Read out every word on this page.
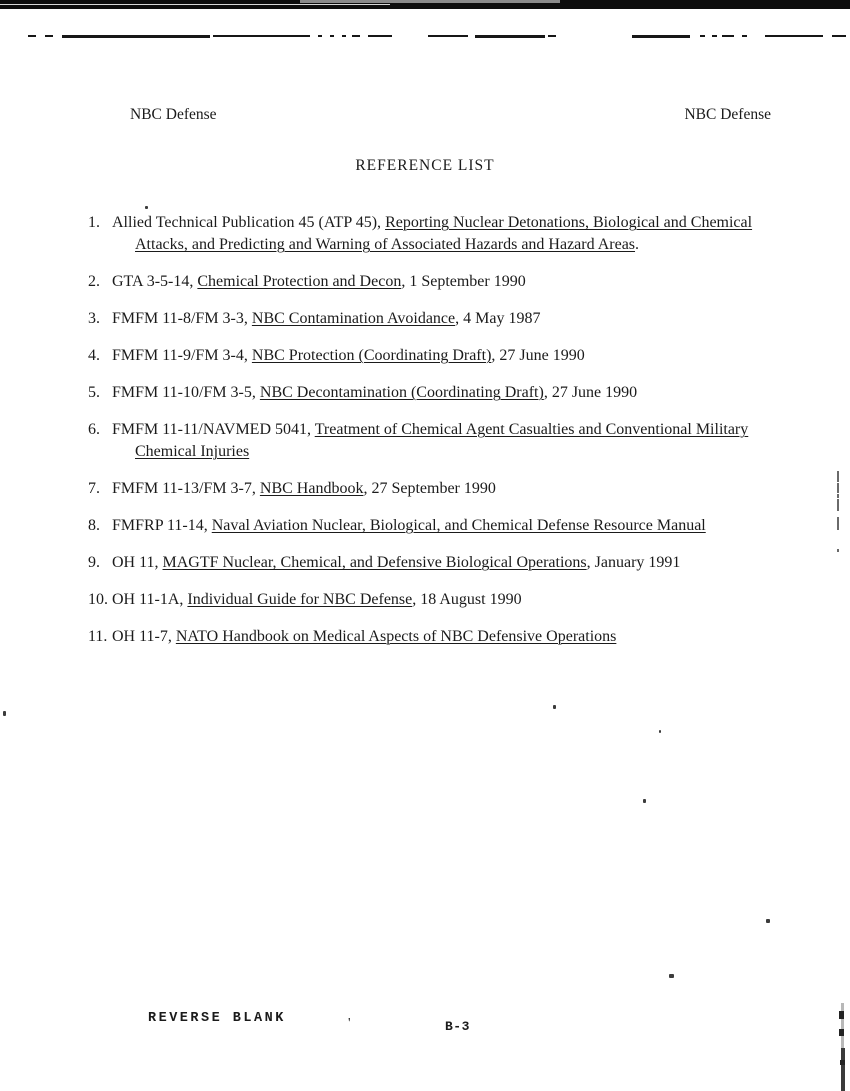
NBC Defense	NBC Defense
REFERENCE LIST
1. Allied Technical Publication 45 (ATP 45), Reporting Nuclear Detonations, Biological and Chemical
Attacks, and Predicting and Warning of Associated Hazards and Hazard Areas.
2. GTA 3-5-14, Chemical Protection and Decon, 1 September 1990
3. FMFM 11-8/FM 3-3, NBC Contamination Avoidance, 4 May 1987
4. FMFM 11-9/FM 3-4, NBC Protection (Coordinating Draft), 27 June 1990
5. FMFM 11-10/FM 3-5, NBC Decontamination (Coordinating Draft), 27 June 1990
6. FMFM 11-11/NAVMED 5041, Treatment of Chemical Agent Casualties and Conventional Military
Chemical Injuries
7. FMFM 11-13/FM 3-7, NBC Handbook, 27 September 1990
8. FMFRP 11-14, Naval Aviation Nuclear, Biological, and Chemical Defense Resource Manual
9. OH 11, MAGTF Nuclear, Chemical, and Defensive Biological Operations, January 1991
10. OH 11-1A, Individual Guide for NBC Defense, 18 August 1990
11. OH 11-7, NATO Handbook on Medical Aspects of NBC Defensive Operations
REVERSE BLANK	'	B-3
